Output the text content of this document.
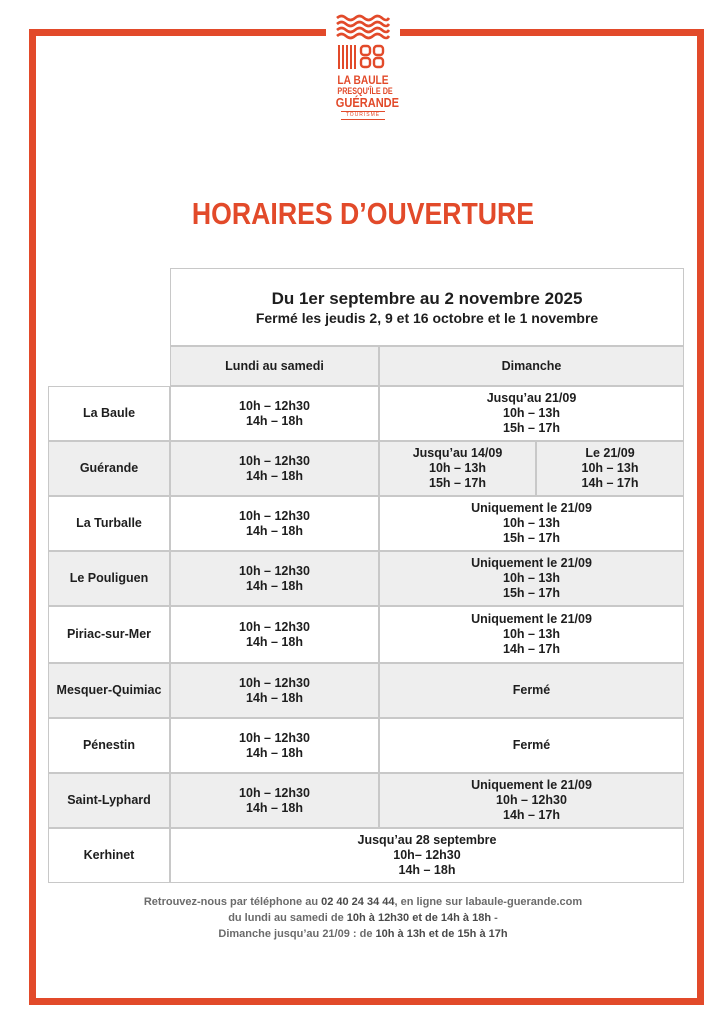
LA BAULE
PRESQU'ÎLE DE
GUÉRANDE
TOURISME
HORAIRES D’OUVERTURE
Du 1er septembre au 2 novembre 2025
Fermé les jeudis 2, 9 et 16 octobre et le 1 novembre
Lundi au samedi	Dimanche
La Baule
10h – 12h30
14h – 18h
Jusqu’au 21/09
10h – 13h
15h – 17h
Guérande
10h – 12h30
14h – 18h
Jusqu’au 14/09
10h – 13h
15h – 17h
Le 21/09
10h – 13h
14h – 17h
La Turballe
10h – 12h30
14h – 18h
Uniquement le 21/09
10h – 13h
15h – 17h
Le Pouliguen
10h – 12h30
14h – 18h
Uniquement le 21/09
10h – 13h
15h – 17h
Piriac-sur-Mer
10h – 12h30
14h – 18h
Uniquement le 21/09
10h – 13h
14h – 17h
Mesquer-Quimiac
10h – 12h30
14h – 18h
Fermé
Pénestin
10h – 12h30
14h – 18h
Fermé
Saint-Lyphard
10h – 12h30
14h – 18h
Uniquement le 21/09
10h – 12h30
14h – 17h
Kerhinet
Jusqu’au 28 septembre
10h– 12h30
14h – 18h
Retrouvez-nous par téléphone au 02 40 24 34 44, en ligne sur labaule-guerande.com
du lundi au samedi de 10h à 12h30 et de 14h à 18h -
Dimanche jusqu’au 21/09 : de 10h à 13h et de 15h à 17h
